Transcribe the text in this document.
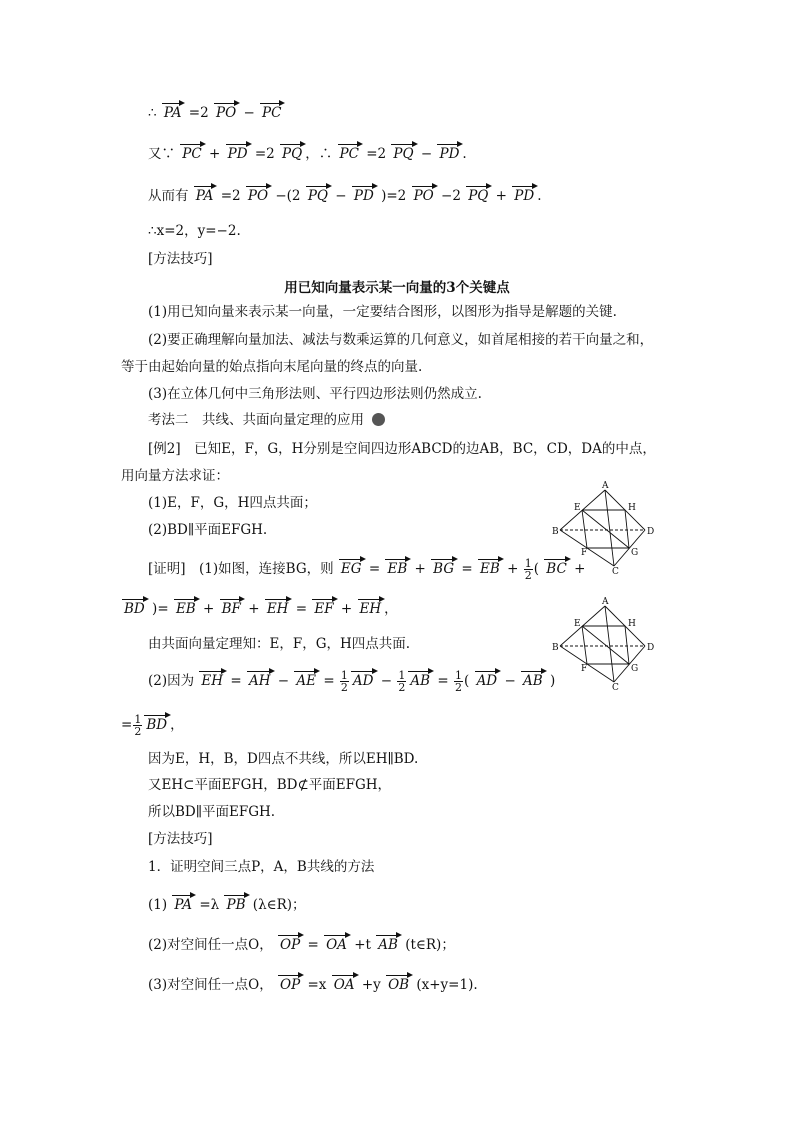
∴ PA =2 PO − PC
又∵ PC + PD =2 PQ ，∴ PC =2 PQ − PD .
从而有 PA =2 PO −(2 PQ − PD )=2 PO −2 PQ + PD .
∴x=2，y=−2.
[方法技巧]
用已知向量表示某一向量的3个关键点
(1)用已知向量来表示某一向量，一定要结合图形，以图形为指导是解题的关键.
(2)要正确理解向量加法、减法与数乘运算的几何意义，如首尾相接的若干向量之和，
等于由起始向量的始点指向末尾向量的终点的向量.
(3)在立体几何中三角形法则、平行四边形法则仍然成立.
考法二　共线、共面向量定理的应用
[例2]　已知E，F，G，H分别是空间四边形ABCD的边AB，BC，CD，DA的中点，
用向量方法求证：
(1)E，F，G，H四点共面；
(2)BD∥平面EFGH.
A
B
C
D
E
F	G
H
[证明]　(1)如图，连接BG，则 EG = EB + BG = EB + $\frac{1}{2}$ ( BC +
BD )= EB + BF + EH = EF + EH ，
由共面向量定理知：E，F，G，H四点共面.
A
B
C
D
E
F	G
H
(2)因为 EH = AH − AE = $\frac{1}{2}$ AD − $\frac{1}{2}$ AB = $\frac{1}{2}$ ( AD − AB )
= $\frac{1}{2}$ BD ，
因为E，H，B，D四点不共线，所以EH∥BD.
又EH⊂平面EFGH，BD⊄平面EFGH，
所以BD∥平面EFGH.
[方法技巧]
1．证明空间三点P，A，B共线的方法
(1) PA =λ PB (λ∈R)；
(2)对空间任一点O， OP = OA +t AB (t∈R)；
(3)对空间任一点O， OP =x OA +y OB (x+y=1).
